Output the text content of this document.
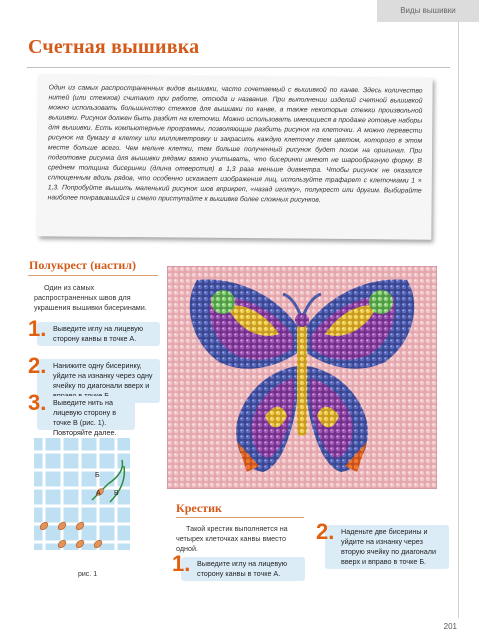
Виды вышивки
Счетная вышивка

Один из самых распространенных видов вышивки, часто сочетаемый с вышивкой по канве. Здесь количество нитей (или стежков) считают при работе, отсюда и название. При выполнении изделий счетной вышивкой можно использовать большинство стежков для вышивки по канве, а также некоторые стежки произвольной вышивки. Рисунок должен быть разбит на клеточки. Можно использовать имеющиеся в продаже готовые наборы для вышивки. Есть компьютерные программы, позволяющие разбить рисунок на клеточки. А можно перевести рисунок на бумагу в клетку или миллиметровку и закрасить каждую клеточку тем цветом, которого в этом месте больше всего. Чем мельче клетки, тем больше полученный рисунок будет похож на оригинал. При подготовке рисунка для вышивки рядами важно учитывать, что бисеринки имеют не шарообразную форму. В среднем толщина бисеринки (длина отверстия) в 1,3 раза меньше диаметра. Чтобы рисунок не оказался сплющенным вдоль рядов, что особенно искажает изображения лиц, используйте трафарет с клеточками 1 × 1,3. Попробуйте вышить маленький рисунок шов вприкреп, «назад иголку», полукрест или другим. Выбирайте наиболее понравившийся и смело приступайте к вышивке более сложных рисунков.

Полукрест (настил)
Один из самых распространенных швов для украшения вышивки бисеринами.
1. Выведите иглу на лицевую сторону канвы в точке А.
2. Нанижите одну бисеринку, уйдите на изнанку через одну ячейку по диагонали вверх и
3. Выведите нить на лицевую сторону в точке В (рис. 1). Повторяйте далее.
Б
A В
рис. 1
Крестик
Такой крестик выполняется на четырех клеточках канвы вместо одной.
1. Выведите иглу на лицевую сторону канвы в точке А.
2. Наденьте две бисерины и уйдите на изнанку через вторую ячейку по диагонали вверх и вправо в точке Б.
201
